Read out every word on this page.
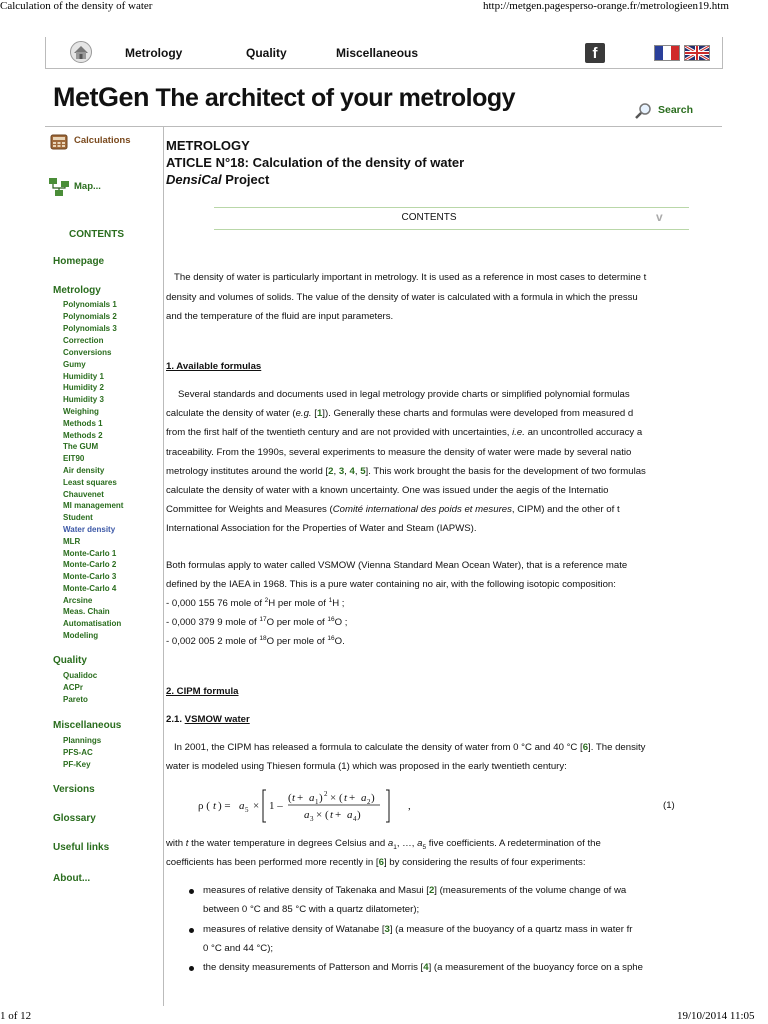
Calculation of the density of water	http://metgen.pagesperso-orange.fr/metrologieen19.htm
1 of 12	19/10/2014 11:05
Metrology	Quality	Miscellaneous	f
MetGen The architect of your metrology	Search
Calculations
Map...
CONTENTS
Homepage
Metrology
Polynomials 1
Polynomials 2
Polynomials 3
Correction
Conversions
Gumy
Humidity 1
Humidity 2
Humidity 3
Weighing
Methods 1
Methods 2
The GUM
EIT90
Air density
Least squares
Chauvenet
MI management
Student
Water density
MLR
Monte-Carlo 1
Monte-Carlo 2
Monte-Carlo 3
Monte-Carlo 4
Arcsine
Meas. Chain
Automatisation
Modeling
Quality
Qualidoc
ACPr
Pareto
Miscellaneous
Plannings
PFS-AC
PF-Key
Versions
Glossary
Useful links
About...
METROLOGY
ATICLE N°18: Calculation of the density of water
DensiCal Project
CONTENTS	v
The density of water is particularly important in metrology. It is used as a reference in most cases to determine t
density and volumes of solids. The value of the density of water is calculated with a formula in which the pressu
and the temperature of the fluid are input parameters.
1. Available formulas
Several standards and documents used in legal metrology provide charts or simplified polynomial formulas
calculate the density of water (e.g. [1]). Generally these charts and formulas were developed from measured d
from the first half of the twentieth century and are not provided with uncertainties, i.e. an uncontrolled accuracy a
traceability. From the 1990s, several experiments to measure the density of water were made by several natio
metrology institutes around the world [2, 3, 4, 5]. This work brought the basis for the development of two formulas
calculate the density of water with a known uncertainty. One was issued under the aegis of the Internatio
Committee for Weights and Measures (Comité international des poids et mesures, CIPM) and the other of t
International Association for the Properties of Water and Steam (IAPWS).
Both formulas apply to water called VSMOW (Vienna Standard Mean Ocean Water), that is a reference mate
defined by the IAEA in 1968. This is a pure water containing no air, with the following isotopic composition:
- 0,000 155 76 mole of $^2$H per mole of $^1$H ;
- 0,000 379 9 mole of $^{17}$O per mole of $^{16}$O ;
- 0,002 005 2 mole of $^{18}$O per mole of $^{16}$O.
2. CIPM formula
2.1. VSMOW water
In 2001, the CIPM has released a formula to calculate the density of water from 0 °C and 40 °C [6]. The density
water is modeled using Thiesen formula (1) which was proposed in the early twentieth century:
ρ ( t ) = a 5 × 1 –
( t + a 1 ) 2 × ( t + a 2 )
a 3 × ( t + a 4 )
,	(1)
with t the water temperature in degrees Celsius and $a_1$, …, $a_5$ five coefficients. A redetermination of the
coefficients has been performed more recently in [6] by considering the results of four experiments:
measures of relative density of Takenaka and Masui [2] (measurements of the volume change of wa
between 0 °C and 85 °C with a quartz dilatometer);
measures of relative density of Watanabe [3] (a measure of the buoyancy of a quartz mass in water fr
0 °C and 44 °C);
the density measurements of Patterson and Morris [4] (a measurement of the buoyancy force on a sphe
